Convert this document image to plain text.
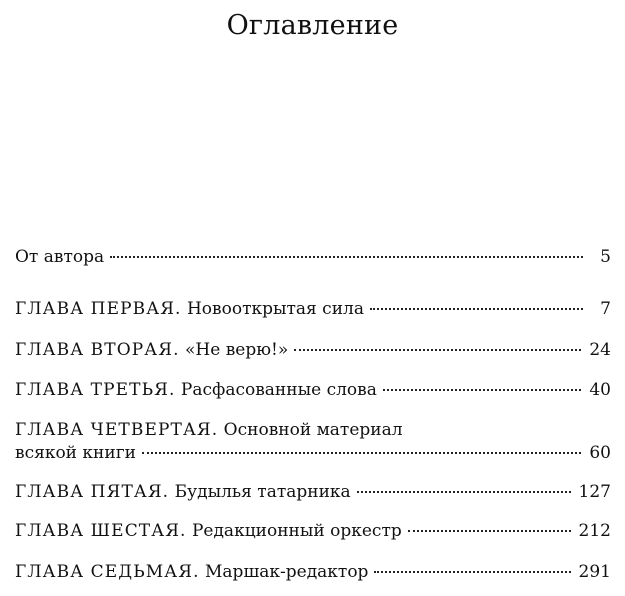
Оглавление
От автора	5
ГЛАВА ПЕРВАЯ.
Новооткрытая сила	7
ГЛАВА ВТОРАЯ.
«Не верю!»	24
ГЛАВА ТРЕТЬЯ.
Расфасованные слова	40
ГЛАВА ЧЕТВЕРТАЯ.
Основной материал
всякой книги	60
ГЛАВА ПЯТАЯ.
Будылья татарника	127
ГЛАВА ШЕСТАЯ.
Редакционный оркестр	212
ГЛАВА СЕДЬМАЯ.
Маршак-редактор	291
